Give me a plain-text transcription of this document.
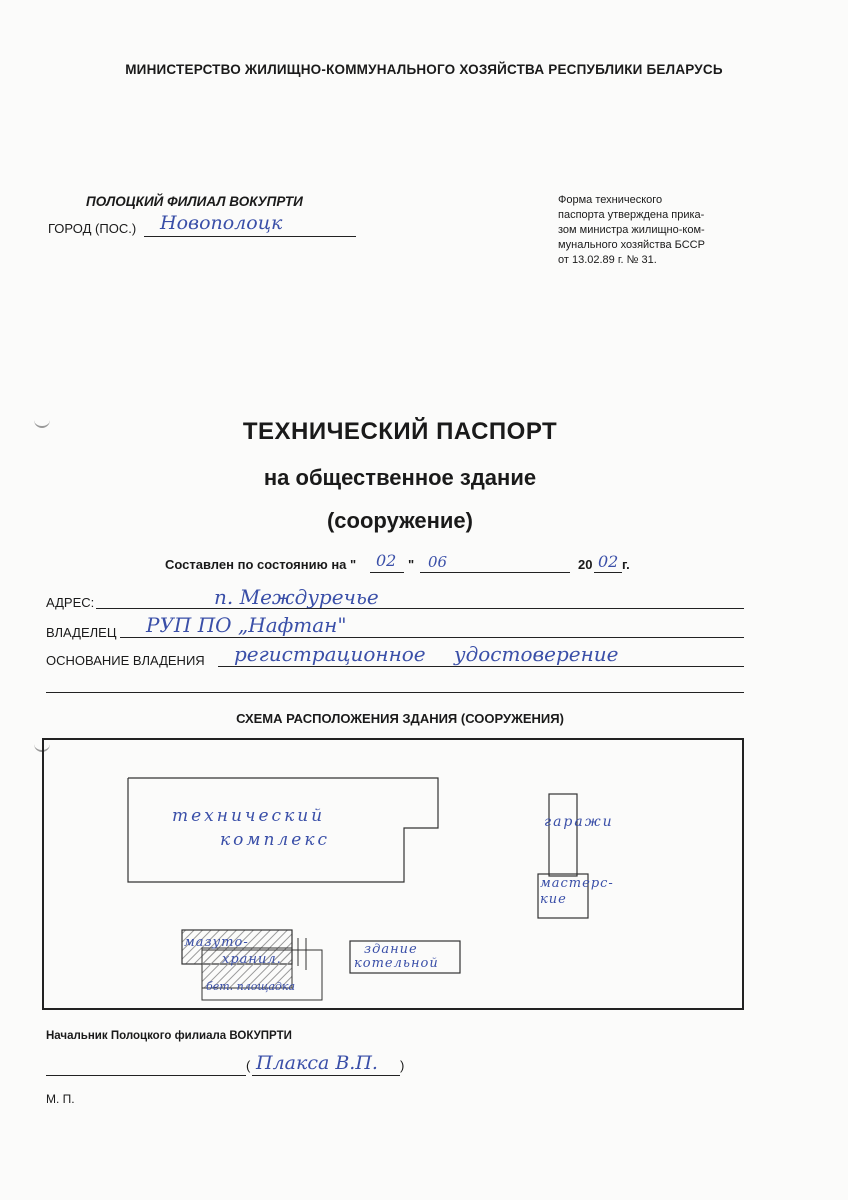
МИНИСТЕРСТВО ЖИЛИЩНО-КОММУНАЛЬНОГО ХОЗЯЙСТВА РЕСПУБЛИКИ БЕЛАРУСЬ
ПОЛОЦКИЙ ФИЛИАЛ ВОКУПРТИ
ГОРОД (ПОС.) Новополоцк
Форма технического
паспорта утверждена прика-
зом министра жилищно-ком-
мунального хозяйства БССР
от 13.02.89 г. № 31.
ТЕХНИЧЕСКИЙ ПАСПОРТ
на общественное здание
(сооружение)
Составлен по состоянию на " 02 " 06	20 02 г.
АДРЕС:	п. Междуречье
ВЛАДЕЛЕЦ РУП ПО „Нафтан"
ОСНОВАНИЕ ВЛАДЕНИЯ регистрационное удостоверение
СХЕМА РАСПОЛОЖЕНИЯ ЗДАНИЯ (СООРУЖЕНИЯ)
технический
комплекс
гаражи
мастерс-
кие
мазуто-
хранил.
бет. площадка
здание
котельной
Начальник Полоцкого филиала ВОКУПРТИ
( Плакса В.П. )
М. П.
